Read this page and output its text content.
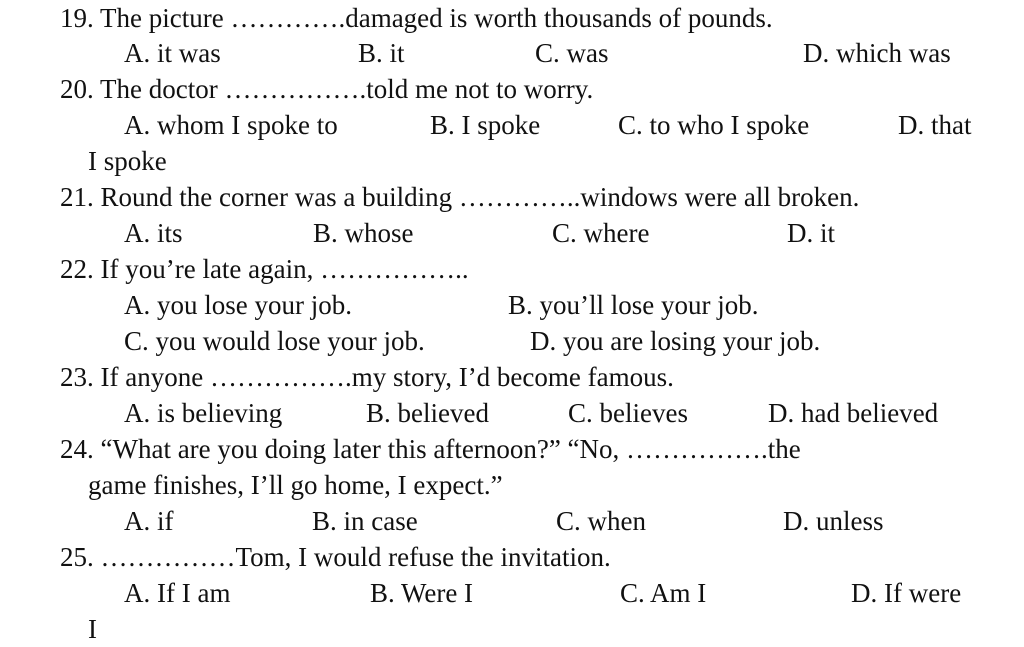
19. The picture ………….damaged is worth thousands of pounds.
A. it was	B. it	C. was	D. which was
20. The doctor …………….told me not to worry.
A. whom I spoke to	B. I spoke	C. to who I spoke	D. that
I spoke
21. Round the corner was a building …………..windows were all broken.
A. its	B. whose	C. where	D. it
22. If you’re late again, ……………..
A. you lose your job.	B. you’ll lose your job.
C. you would lose your job.	D. you are losing your job.
23. If anyone …………….my story, I’d become famous.
A. is believing	B. believed	C. believes	D. had believed
24. “What are you doing later this afternoon?” “No, …………….the
game finishes, I’ll go home, I expect.”
A. if	B. in case	C. when	D. unless
25. ……………Tom, I would refuse the invitation.
A. If I am	B. Were I	C. Am I	D. If were
I
